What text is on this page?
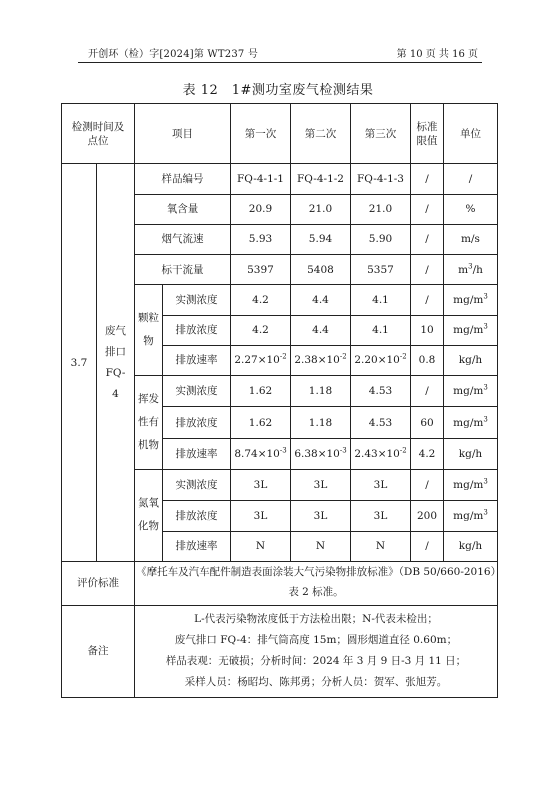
开创环（检）字[2024]第 WT237 号	第 10 页 共 16 页
表 12　1#测功室废气检测结果
检测时间及点位		项目		第一次	第二次	第三次	标准限值	单位
3.7	废气排口FQ-4	样品编号		FQ-4-1-1	FQ-4-1-2	FQ-4-1-3	/	/
		氧含量		20.9	21.0	21.0	/	%
		烟气流速		5.93	5.94	5.90	/	m/s
		标干流量		5397	5408	5357	/	$m^3/h$
		颗粒物	实测浓度	4.2	4.4	4.1	/	$mg/m^3$
			排放浓度	4.2	4.4	4.1	10	$mg/m^3$
			排放速率	$2.27\times 10^{-2}$	$2.38\times 10^{-2}$	$2.20\times 10^{-2}$	0.8	kg/h
		挥发性有机物	实测浓度	1.62	1.18	4.53	/	$mg/m^3$
			排放浓度	1.62	1.18	4.53	60	$mg/m^3$
			排放速率	$8.74\times 10^{-3}$	$6.38\times 10^{-3}$	$2.43\times 10^{-2}$	4.2	kg/h
		氮氧化物	实测浓度	3L	3L	3L	/	$mg/m^3$
			排放浓度	3L	3L	3L	200	$mg/m^3$
			排放速率	N	N	N	/	kg/h
评价标准		《摩托车及汽车配件制造表面涂装大气污染物排放标准》（DB 50/660-2016）表 2 标准。						
备注		L-代表污染物浓度低于方法检出限；N-代表未检出；
废气排口 FQ-4：排气筒高度 15m；圆形烟道直径 0.60m；
样品表观：无破损；分析时间：2024 年 3 月 9 日-3 月 11 日；
采样人员：杨昭均、陈邦勇；分析人员：贺军、张旭芳。						
